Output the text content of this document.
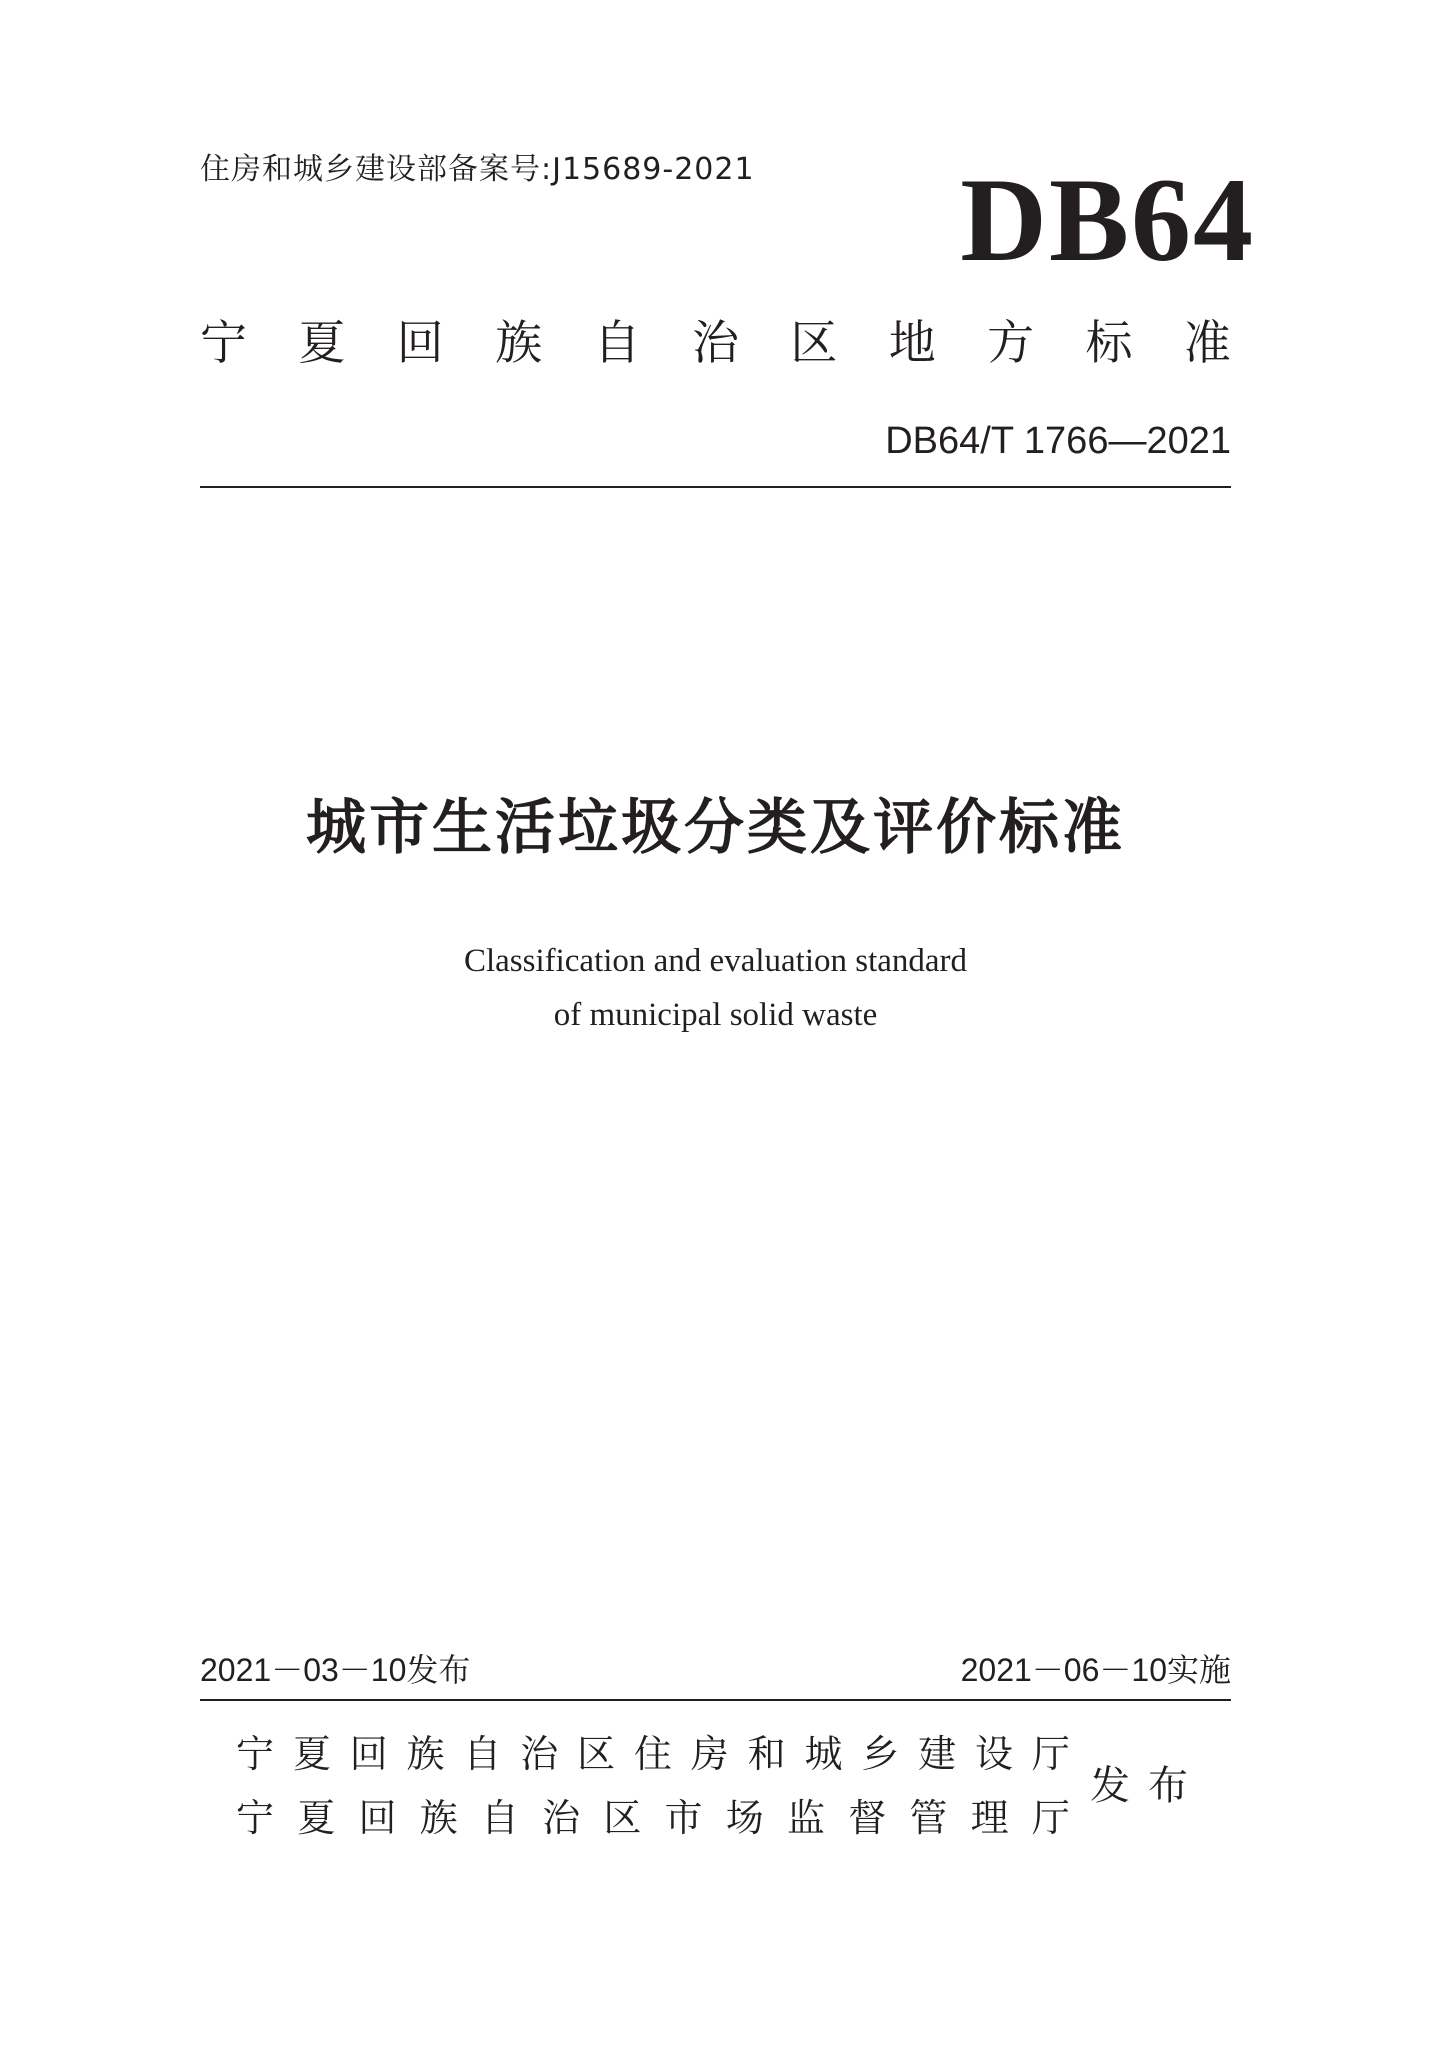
住房和城乡建设部备案号:J15689-2021 DB64
宁 夏 回 族 自 治 区 地 方 标 准
DB64/T 1766—2021
城市生活垃圾分类及评价标准
Classification and evaluation standard
of municipal solid waste
2021－03－10发布	2021－06－10实施
宁 夏 回 族 自 治 区 住 房 和 城 乡 建 设 厅
宁 夏 回 族 自 治 区 市 场 监 督 管 理 厅
发布
